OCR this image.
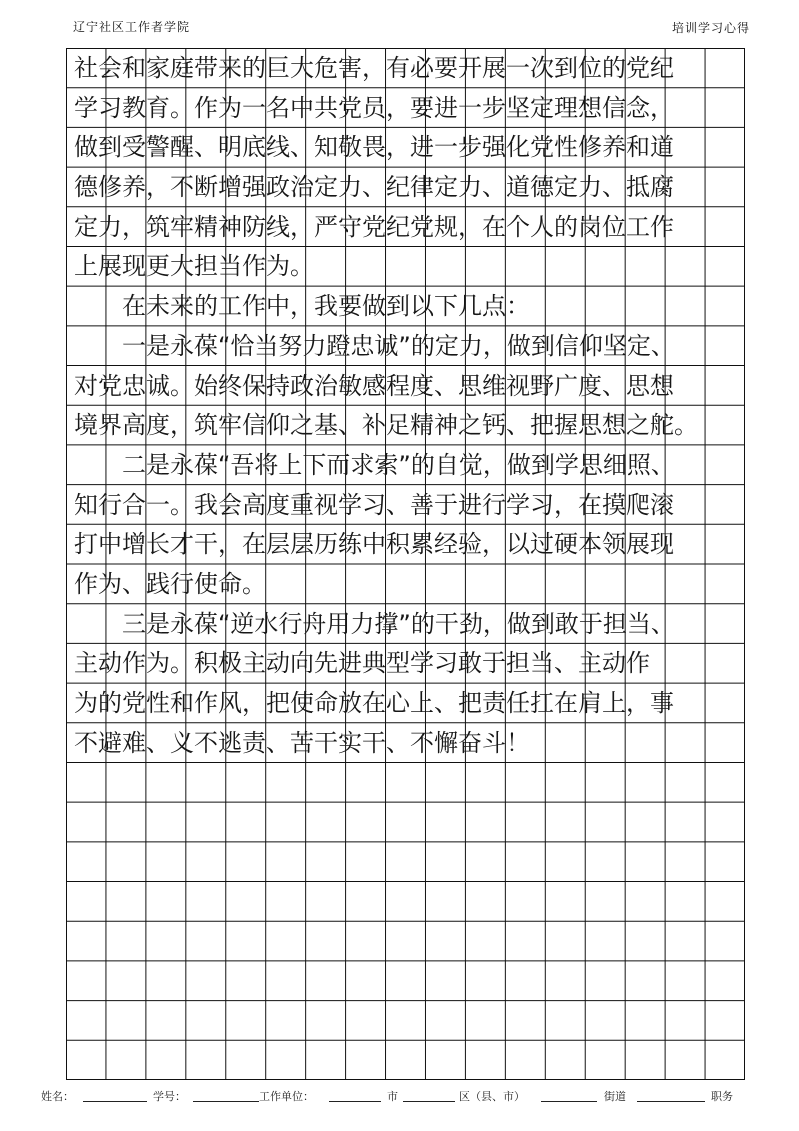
辽宁社区工作者学院	培训学习心得
社会和家庭带来的巨大危害，有必要开展一次到位的党纪
学习教育。作为一名中共党员，要进一步坚定理想信念，
做到受警醒、明底线、知敬畏，进一步强化党性修养和道
德修养，不断增强政治定力、纪律定力、道德定力、抵腐
定力，筑牢精神防线，严守党纪党规，在个人的岗位工作
上展现更大担当作为。
　　在未来的工作中，我要做到以下几点：
　　一是永葆“恰当努力蹬忠诚”的定力，做到信仰坚定、
对党忠诚。始终保持政治敏感程度、思维视野广度、思想
境界高度，筑牢信仰之基、补足精神之钙、把握思想之舵。
　　二是永葆“吾将上下而求索”的自觉，做到学思细照、
知行合一。我会高度重视学习、善于进行学习，在摸爬滚
打中增长才干，在层层历练中积累经验，以过硬本领展现
作为、践行使命。
　　三是永葆“逆水行舟用力撑”的干劲，做到敢于担当、
主动作为。积极主动向先进典型学习敢于担当、主动作
为的党性和作风，把使命放在心上、把责任扛在肩上，事
不避难、义不逃责、苦干实干、不懈奋斗！
姓名：	学号：	工作单位：	市	区（县、市）	街道	职务
